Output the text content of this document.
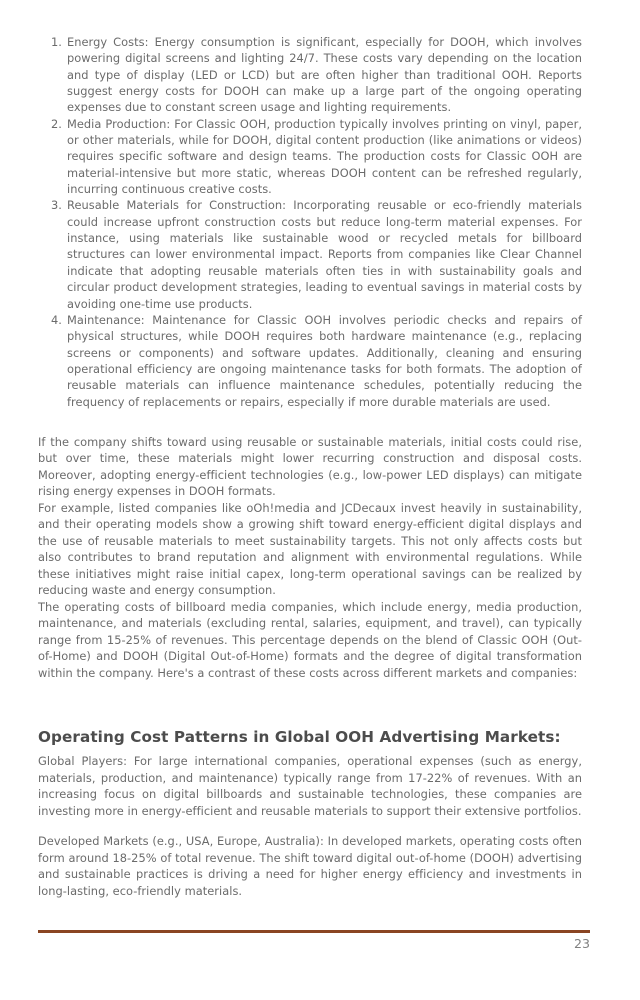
1. Energy Costs: Energy consumption is significant, especially for DOOH, which involves powering digital screens and lighting 24/7. These costs vary depending on the location and type of display (LED or LCD) but are often higher than traditional OOH. Reports suggest energy costs for DOOH can make up a large part of the ongoing operating expenses due to constant screen usage and lighting requirements.
2. Media Production: For Classic OOH, production typically involves printing on vinyl, paper, or other materials, while for DOOH, digital content production (like animations or videos) requires specific software and design teams. The production costs for Classic OOH are material-intensive but more static, whereas DOOH content can be refreshed regularly, incurring continuous creative costs.
3. Reusable Materials for Construction: Incorporating reusable or eco-friendly materials could increase upfront construction costs but reduce long-term material expenses. For instance, using materials like sustainable wood or recycled metals for billboard structures can lower environmental impact. Reports from companies like Clear Channel indicate that adopting reusable materials often ties in with sustainability goals and circular product development strategies, leading to eventual savings in material costs by avoiding one-time use products.
4. Maintenance: Maintenance for Classic OOH involves periodic checks and repairs of physical structures, while DOOH requires both hardware maintenance (e.g., replacing screens or components) and software updates. Additionally, cleaning and ensuring operational efficiency are ongoing maintenance tasks for both formats. The adoption of reusable materials can influence maintenance schedules, potentially reducing the frequency of replacements or repairs, especially if more durable materials are used.

If the company shifts toward using reusable or sustainable materials, initial costs could rise, but over time, these materials might lower recurring construction and disposal costs. Moreover, adopting energy-efficient technologies (e.g., low-power LED displays) can mitigate rising energy expenses in DOOH formats.

For example, listed companies like oOh!media and JCDecaux invest heavily in sustainability, and their operating models show a growing shift toward energy-efficient digital displays and the use of reusable materials to meet sustainability targets. This not only affects costs but also contributes to brand reputation and alignment with environmental regulations. While these initiatives might raise initial capex, long-term operational savings can be realized by reducing waste and energy consumption.

The operating costs of billboard media companies, which include energy, media production, maintenance, and materials (excluding rental, salaries, equipment, and travel), can typically range from 15-25% of revenues. This percentage depends on the blend of Classic OOH (Out-of-Home) and DOOH (Digital Out-of-Home) formats and the degree of digital transformation within the company. Here's a contrast of these costs across different markets and companies:

Operating Cost Patterns in Global OOH Advertising Markets:

Global Players: For large international companies, operational expenses (such as energy, materials, production, and maintenance) typically range from 17-22% of revenues. With an increasing focus on digital billboards and sustainable technologies, these companies are investing more in energy-efficient and reusable materials to support their extensive portfolios.

Developed Markets (e.g., USA, Europe, Australia): In developed markets, operating costs often form around 18-25% of total revenue. The shift toward digital out-of-home (DOOH) advertising and sustainable practices is driving a need for higher energy efficiency and investments in long-lasting, eco-friendly materials.

23
